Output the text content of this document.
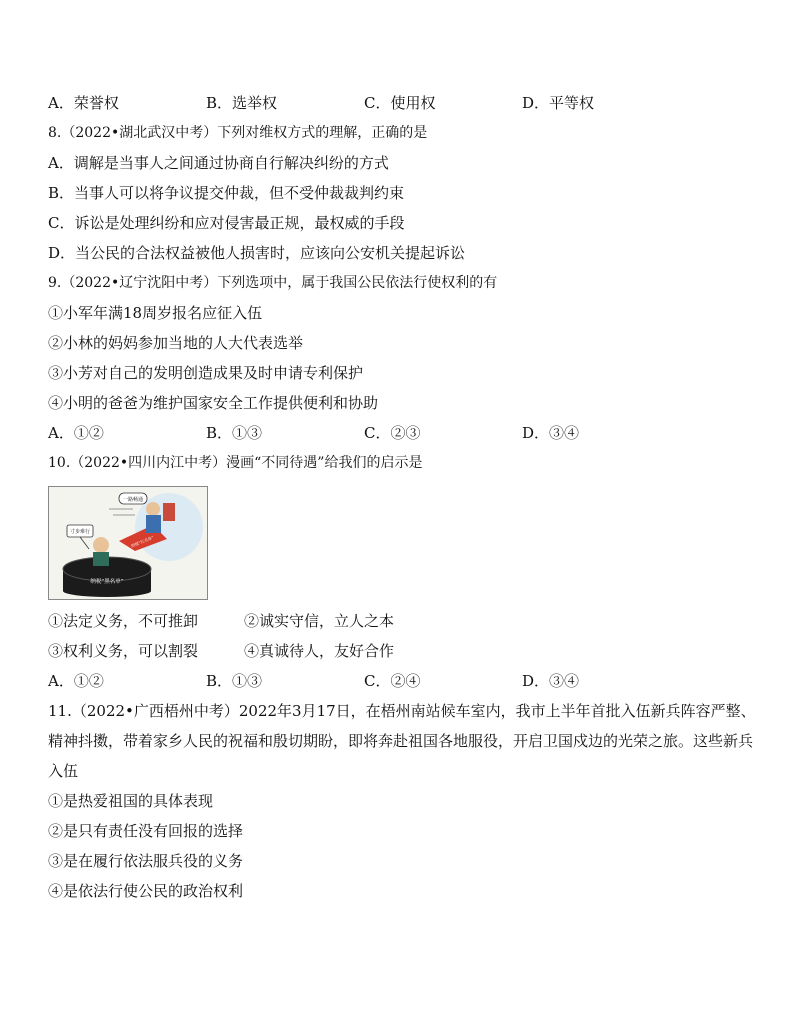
A．荣誉权	B．选举权	C．使用权	D．平等权
8.（2022•湖北武汉中考）下列对维权方式的理解，正确的是
A．调解是当事人之间通过协商自行解决纠纷的方式
B．当事人可以将争议提交仲裁，但不受仲裁裁判约束
C．诉讼是处理纠纷和应对侵害最正规，最权威的手段
D．当公民的合法权益被他人损害时，应该向公安机关提起诉讼
9.（2022•辽宁沈阳中考）下列选项中，属于我国公民依法行使权利的有
①小军年满18周岁报名应征入伍
②小林的妈妈参加当地的人大代表选举
③小芳对自己的发明创造成果及时申请专利保护
④小明的爸爸为维护国家安全工作提供便利和协助
A．①②	B．①③	C．②③	D．③④
10.（2022•四川内江中考）漫画“不同待遇”给我们的启示是
一路畅通
寸步难行
纳税“黑名单”
纳税“红名单”
①法定义务，不可推卸	②诚实守信，立人之本
③权利义务，可以割裂	④真诚待人，友好合作
A．①②	B．①③	C．②④	D．③④
11.（2022•广西梧州中考）2022年3月17日，在梧州南站候车室内，我市上半年首批入伍新兵阵容严整、精神抖擞，带着家乡人民的祝福和殷切期盼，即将奔赴祖国各地服役，开启卫国戍边的光荣之旅。这些新兵入伍
①是热爱祖国的具体表现
②是只有责任没有回报的选择
③是在履行依法服兵役的义务
④是依法行使公民的政治权利
